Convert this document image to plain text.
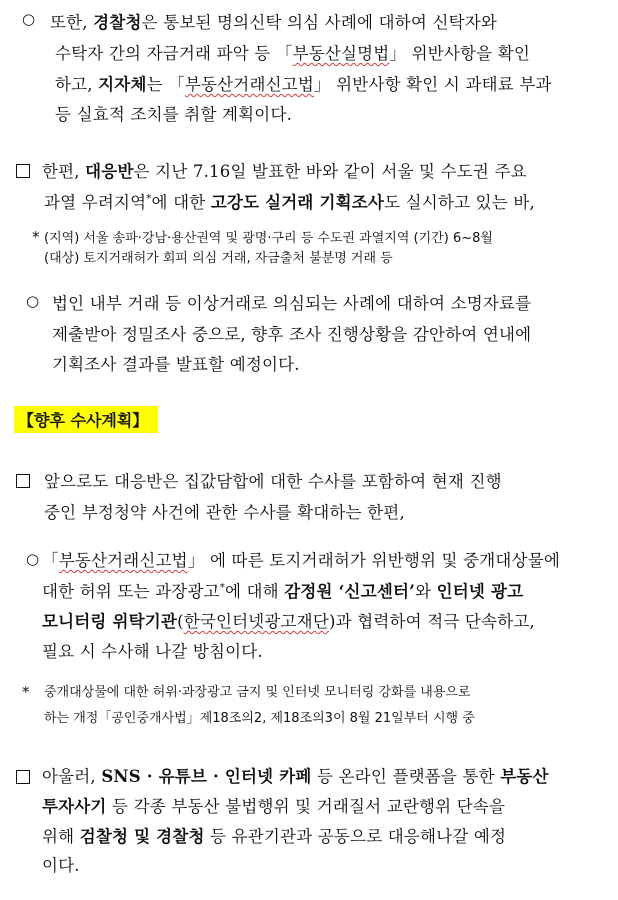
○ 또한, 경찰청은 통보된 명의신탁 의심 사례에 대하여 신탁자와
수탁자 간의 자금거래 파악 등 「부동산실명법」 위반사항을 확인
하고, 지자체는 「부동산거래신고법」 위반사항 확인 시 과태료 부과
등 실효적 조치를 취할 계획이다.
한편, 대응반은 지난 7.16일 발표한 바와 같이 서울 및 수도권 주요
과열 우려지역*에 대한 고강도 실거래 기획조사도 실시하고 있는 바,
* (지역) 서울 송파·강남·용산권역 및 광명·구리 등 수도권 과열지역 (기간) 6~8월
(대상) 토지거래허가 회피 의심 거래, 자금출처 불분명 거래 등
○ 법인 내부 거래 등 이상거래로 의심되는 사례에 대하여 소명자료를
제출받아 정밀조사 중으로, 향후 조사 진행상황을 감안하여 연내에
기획조사 결과를 발표할 예정이다.
【향후 수사계획】
앞으로도 대응반은 집값담합에 대한 수사를 포함하여 현재 진행
중인 부정청약 사건에 관한 수사를 확대하는 한편,
○ 「부동산거래신고법」 에 따른 토지거래허가 위반행위 및 중개대상물에
대한 허위 또는 과장광고*에 대해 감정원 ‘신고센터’와 인터넷 광고
모니터링 위탁기관(한국인터넷광고재단)과 협력하여 적극 단속하고,
필요 시 수사해 나갈 방침이다.
* 중개대상물에 대한 허위·과장광고 금지 및 인터넷 모니터링 강화를 내용으로
하는 개정「공인중개사법」제18조의2, 제18조의3이 8월 21일부터 시행 중
아울러, SNS · 유튜브 · 인터넷 카페 등 온라인 플랫폼을 통한 부동산
투자사기 등 각종 부동산 불법행위 및 거래질서 교란행위 단속을
위해 검찰청 및 경찰청 등 유관기관과 공동으로 대응해나갈 예정
이다.
